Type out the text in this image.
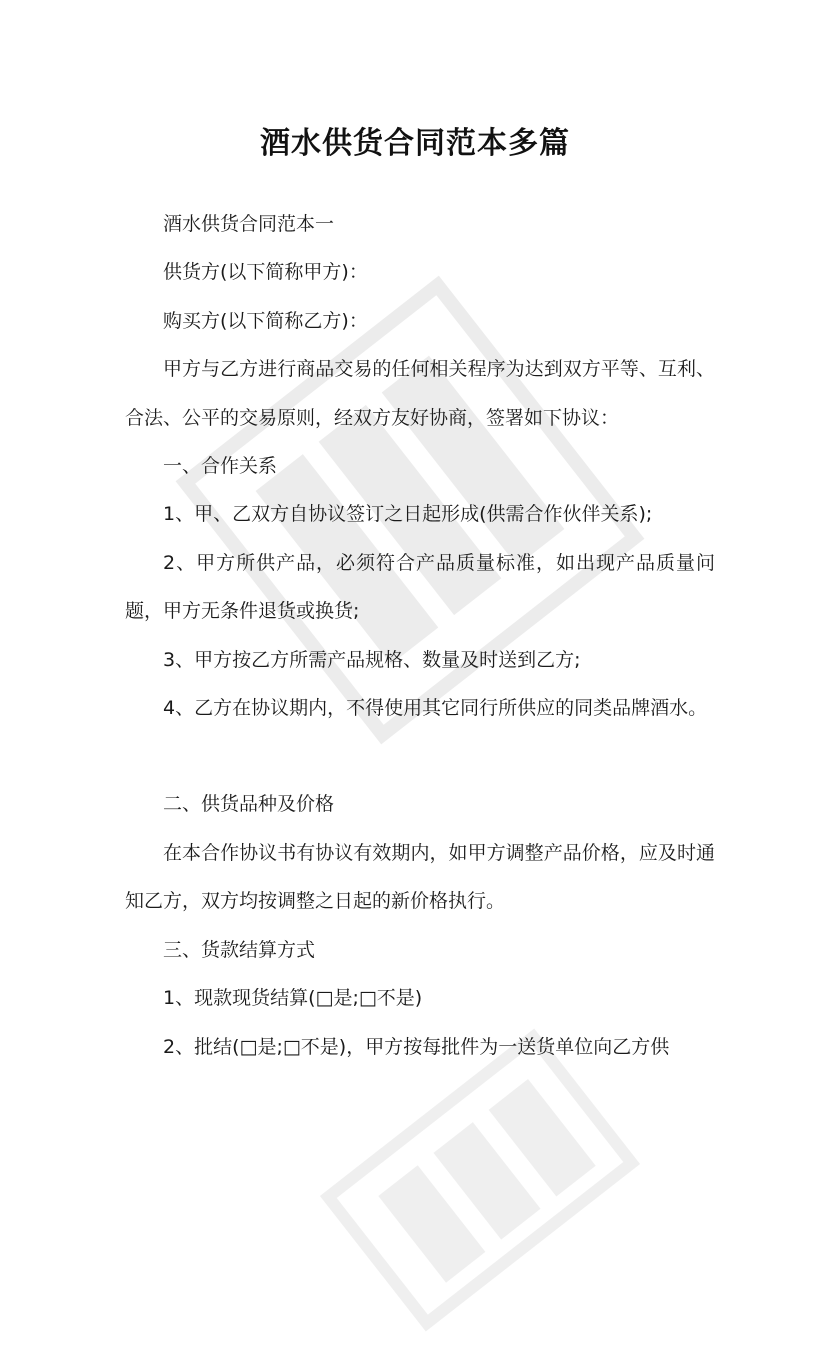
酒水供货合同范本多篇

酒水供货合同范本一

供货方(以下简称甲方)：

购买方(以下简称乙方)：

甲方与乙方进行商品交易的任何相关程序为达到双方平等、互利、合法、公平的交易原则，经双方友好协商，签署如下协议：

一、合作关系

1、甲、乙双方自协议签订之日起形成(供需合作伙伴关系);

2、甲方所供产品，必须符合产品质量标准，如出现产品质量问题，甲方无条件退货或换货;

3、甲方按乙方所需产品规格、数量及时送到乙方;

4、乙方在协议期内，不得使用其它同行所供应的同类品牌酒水。

二、供货品种及价格

在本合作协议书有协议有效期内，如甲方调整产品价格，应及时通知乙方，双方均按调整之日起的新价格执行。

三、货款结算方式

1、现款现货结算(□是;□不是)

2、批结(□是;□不是)，甲方按每批件为一送货单位向乙方供
